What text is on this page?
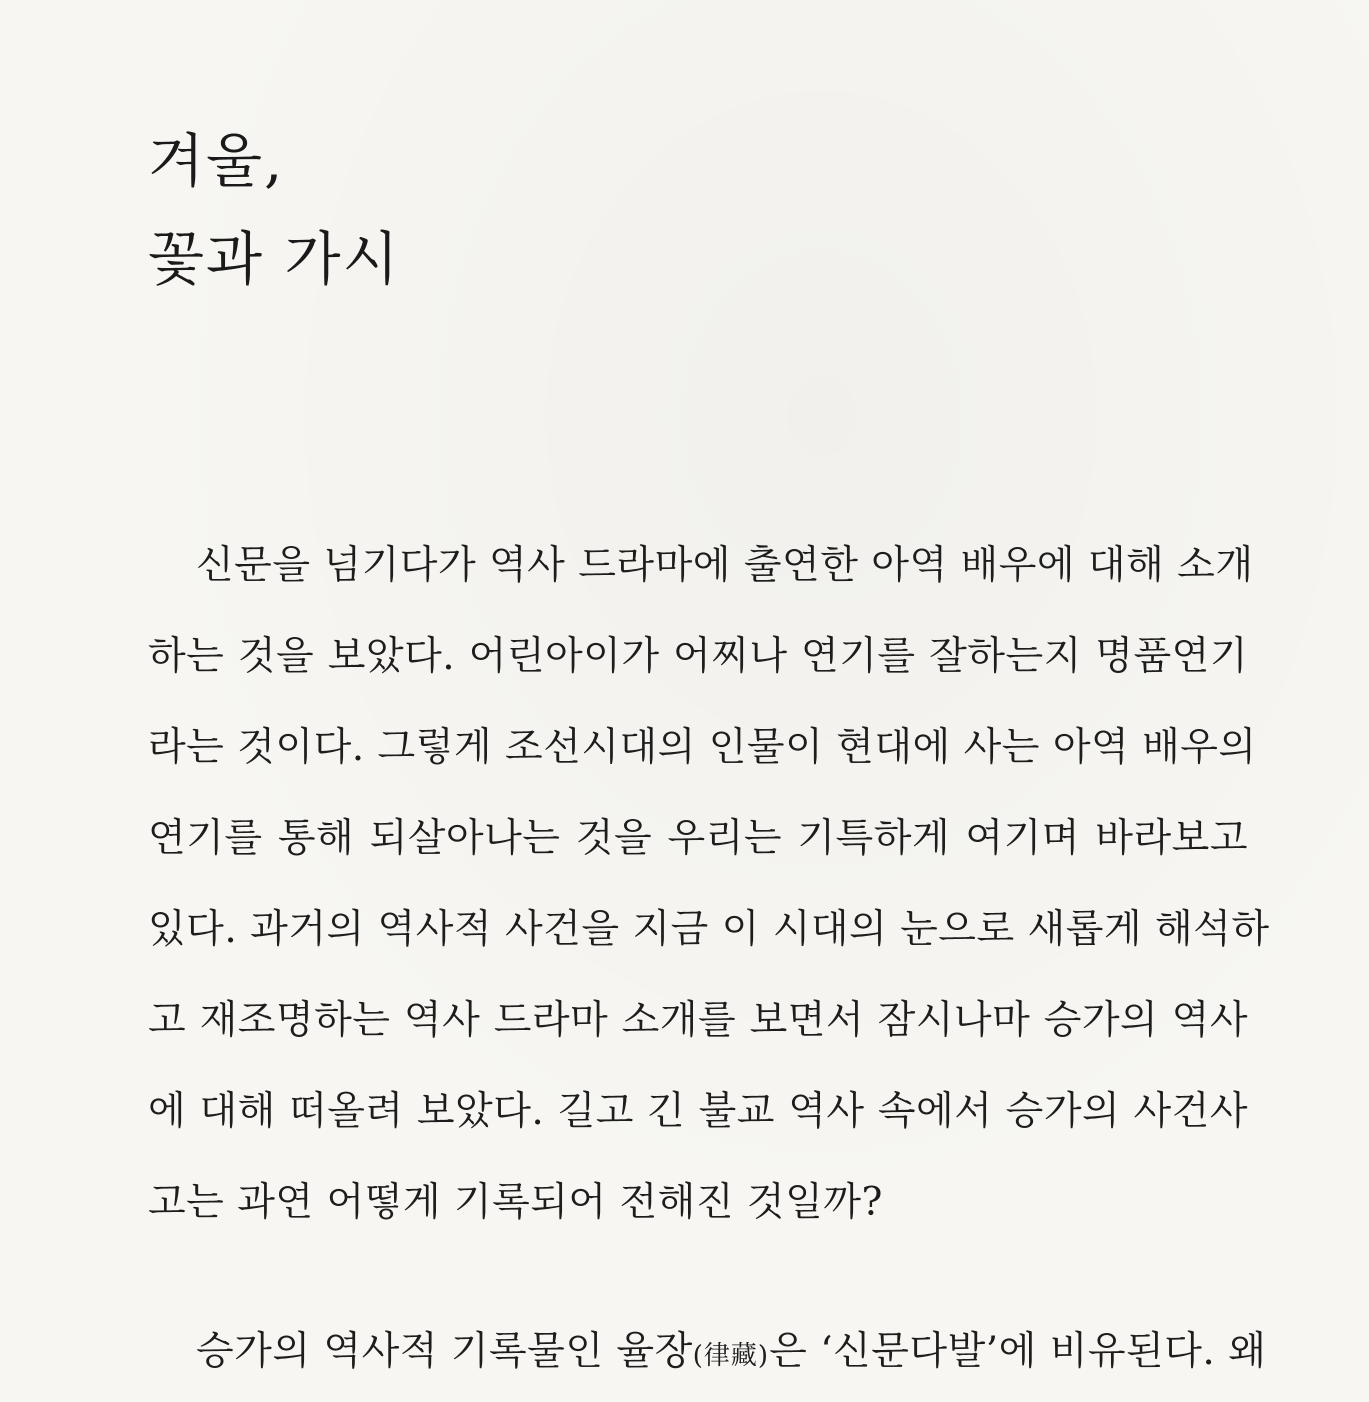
겨울,
꽃과 가시
신문을 넘기다가 역사 드라마에 출연한 아역 배우에 대해 소개
하는 것을 보았다. 어린아이가 어찌나 연기를 잘하는지 명품연기
라는 것이다. 그렇게 조선시대의 인물이 현대에 사는 아역 배우의
연기를 통해 되살아나는 것을 우리는 기특하게 여기며 바라보고
있다. 과거의 역사적 사건을 지금 이 시대의 눈으로 새롭게 해석하
고 재조명하는 역사 드라마 소개를 보면서 잠시나마 승가의 역사
에 대해 떠올려 보았다. 길고 긴 불교 역사 속에서 승가의 사건사
고는 과연 어떻게 기록되어 전해진 것일까?
승가의 역사적 기록물인 율장(律藏)은 ‘신문다발’에 비유된다. 왜
